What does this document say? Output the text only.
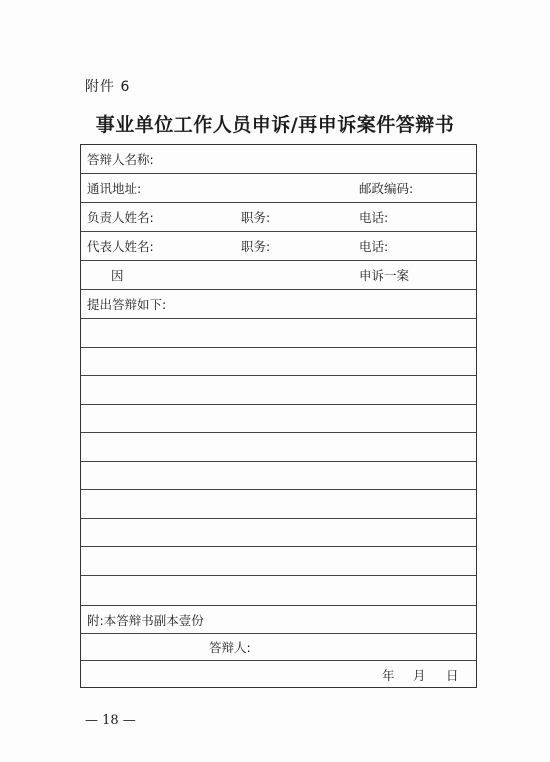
附件 6
事业单位工作人员申诉/再申诉案件答辩书
答辩人名称:
通讯地址:	邮政编码:
负责人姓名:	职务:	电话:
代表人姓名:	职务:	电话:
因	申诉一案
提出答辩如下:
附:本答辩书副本壹份
答辩人:
年 月 日
— 18 —
